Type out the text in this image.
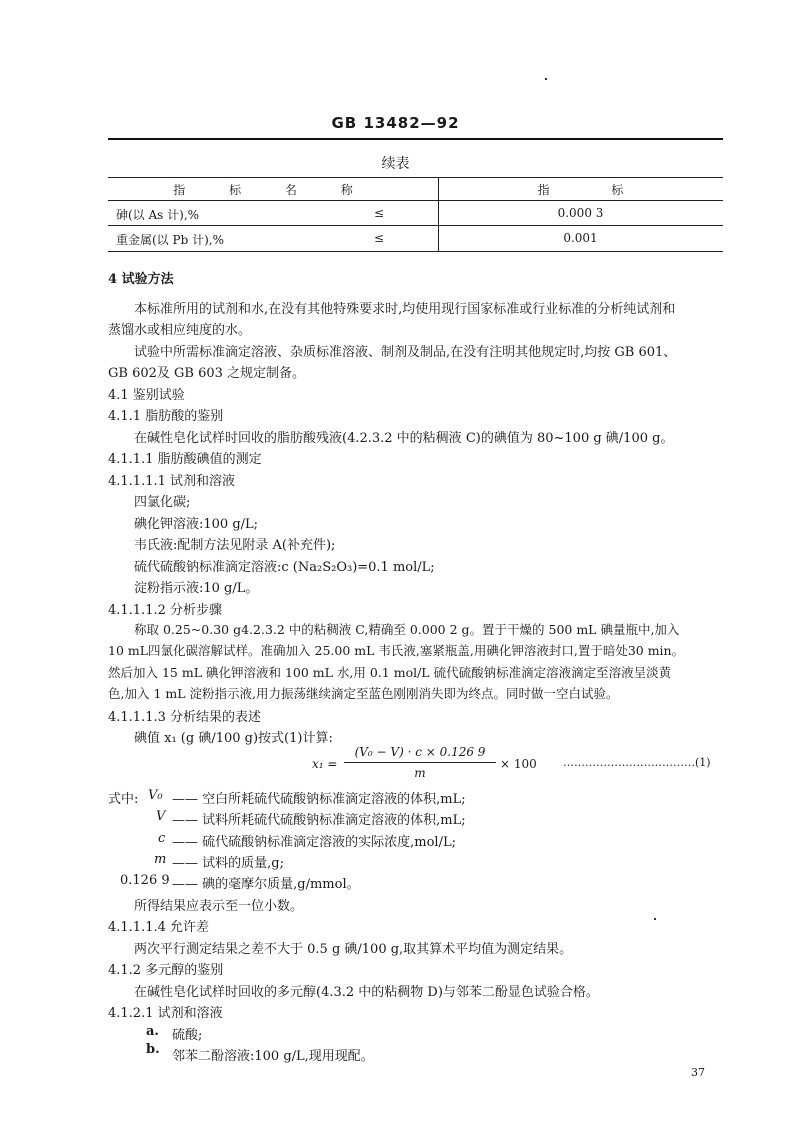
GB 13482—92
续表
指 标 名 称	指	标
砷(以 As 计),%	≤	0.000 3
重金属(以 Pb 计),%	≤	0.001
4 试验方法
本标准所用的试剂和水,在没有其他特殊要求时,均使用现行国家标准或行业标准的分析纯试剂和
蒸馏水或相应纯度的水。
试验中所需标准滴定溶液、杂质标准溶液、制剂及制品,在没有注明其他规定时,均按 GB 601、
GB 602及 GB 603 之规定制备。
4.1 鉴别试验
4.1.1 脂肪酸的鉴别
在碱性皂化试样时回收的脂肪酸残液(4.2.3.2 中的粘稠液 C)的碘值为 80~100 g 碘/100 g。
4.1.1.1 脂肪酸碘值的测定
4.1.1.1.1 试剂和溶液
四氯化碳;
碘化钾溶液:100 g/L;
韦氏液:配制方法见附录 A(补充件);
硫代硫酸钠标准滴定溶液:c (Na₂S₂O₃)=0.1 mol/L;
淀粉指示液:10 g/L。
4.1.1.1.2 分析步骤
称取 0.25~0.30 g4.2.3.2 中的粘稠液 C,精确至 0.000 2 g。置于干燥的 500 mL 碘量瓶中,加入
10 mL四氯化碳溶解试样。准确加入 25.00 mL 韦氏液,塞紧瓶盖,用碘化钾溶液封口,置于暗处30 min。
然后加入 15 mL 碘化钾溶液和 100 mL 水,用 0.1 mol/L 硫代硫酸钠标准滴定溶液滴定至溶液呈淡黄
色,加入 1 mL 淀粉指示液,用力振荡继续滴定至蓝色刚刚消失即为终点。同时做一空白试验。
4.1.1.1.3 分析结果的表述
碘值 x₁ (g 碘/100 g)按式(1)计算:
x₁ =
(V₀ − V) · c × 0.126 9
m
× 100 ………………………………(1)
式中: V₀ —— 空白所耗硫代硫酸钠标准滴定溶液的体积,mL;
V —— 试料所耗硫代硫酸钠标准滴定溶液的体积,mL;
c —— 硫代硫酸钠标准滴定溶液的实际浓度,mol/L;
m —— 试料的质量,g;
0.126 9 —— 碘的毫摩尔质量,g/mmol。
所得结果应表示至一位小数。
4.1.1.1.4 允许差
两次平行测定结果之差不大于 0.5 g 碘/100 g,取其算术平均值为测定结果。
4.1.2 多元醇的鉴别
在碱性皂化试样时回收的多元醇(4.3.2 中的粘稠物 D)与邻苯二酚显色试验合格。
4.1.2.1 试剂和溶液
a. 硫酸;
b. 邻苯二酚溶液:100 g/L,现用现配。
37
